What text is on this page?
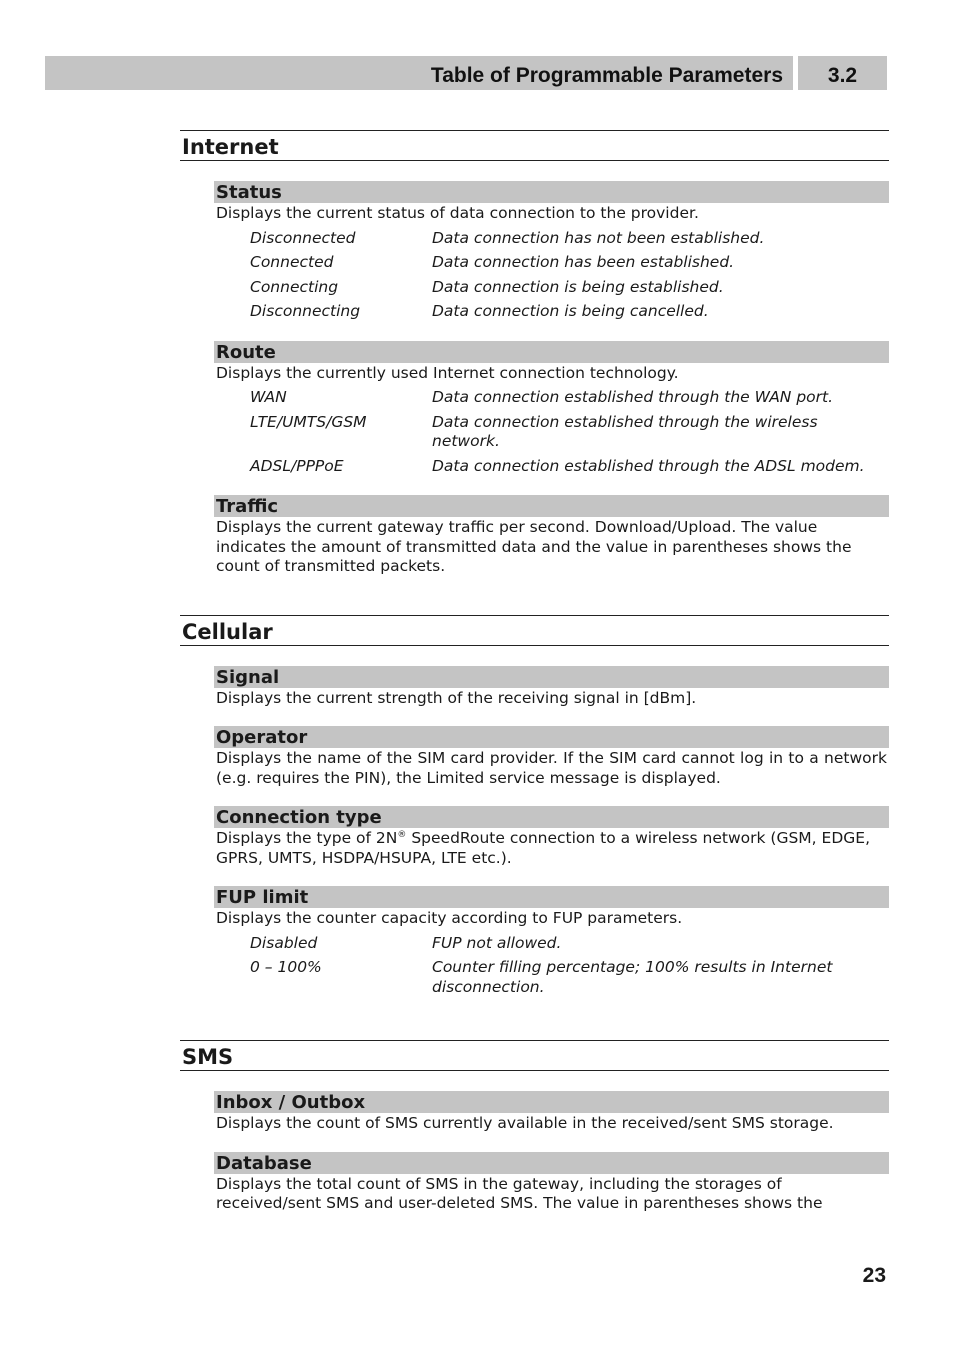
Table of Programmable Parameters	3.2
Internet
Status
Displays the current status of data connection to the provider.
Disconnected	Data connection has not been established.
Connected	Data connection has been established.
Connecting	Data connection is being established.
Disconnecting	Data connection is being cancelled.
Route
Displays the currently used Internet connection technology.
WAN	Data connection established through the WAN port.
LTE/UMTS/GSM	Data connection established through the wireless network.
ADSL/PPPoE	Data connection established through the ADSL modem.
Traffic
Displays the current gateway traffic per second. Download/Upload. The value indicates the amount of transmitted data and the value in parentheses shows the count of transmitted packets.
Cellular
Signal
Displays the current strength of the receiving signal in [dBm].
Operator
Displays the name of the SIM card provider. If the SIM card cannot log in to a network (e.g. requires the PIN), the Limited service message is displayed.
Connection type
Displays the type of 2N® SpeedRoute connection to a wireless network (GSM, EDGE, GPRS, UMTS, HSDPA/HSUPA, LTE etc.).
FUP limit
Displays the counter capacity according to FUP parameters.
Disabled	FUP not allowed.
0 – 100%	Counter filling percentage; 100% results in Internet disconnection.
SMS
Inbox / Outbox
Displays the count of SMS currently available in the received/sent SMS storage.
Database
Displays the total count of SMS in the gateway, including the storages of received/sent SMS and user-deleted SMS. The value in parentheses shows the
23
